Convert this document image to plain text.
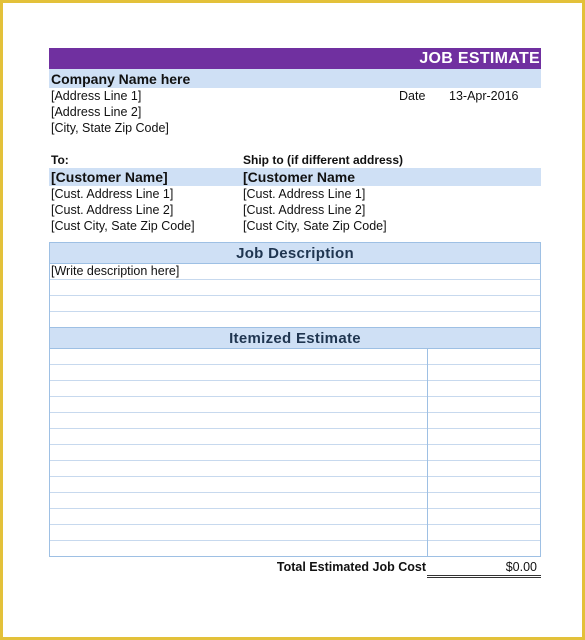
JOB ESTIMATE
Company Name here
[Address Line 1]	Date 13-Apr-2016
[Address Line 2]
[City, State Zip Code]
To:	Ship to (if different address)
[Customer Name]	[Customer Name
[Cust. Address Line 1]	[Cust. Address Line 1]
[Cust. Address Line 2]	[Cust. Address Line 2]
[Cust City, Sate Zip Code]	[Cust City, Sate Zip Code]
Job Description
[Write description here]
Itemized Estimate
Total Estimated Job Cost	$0.00
